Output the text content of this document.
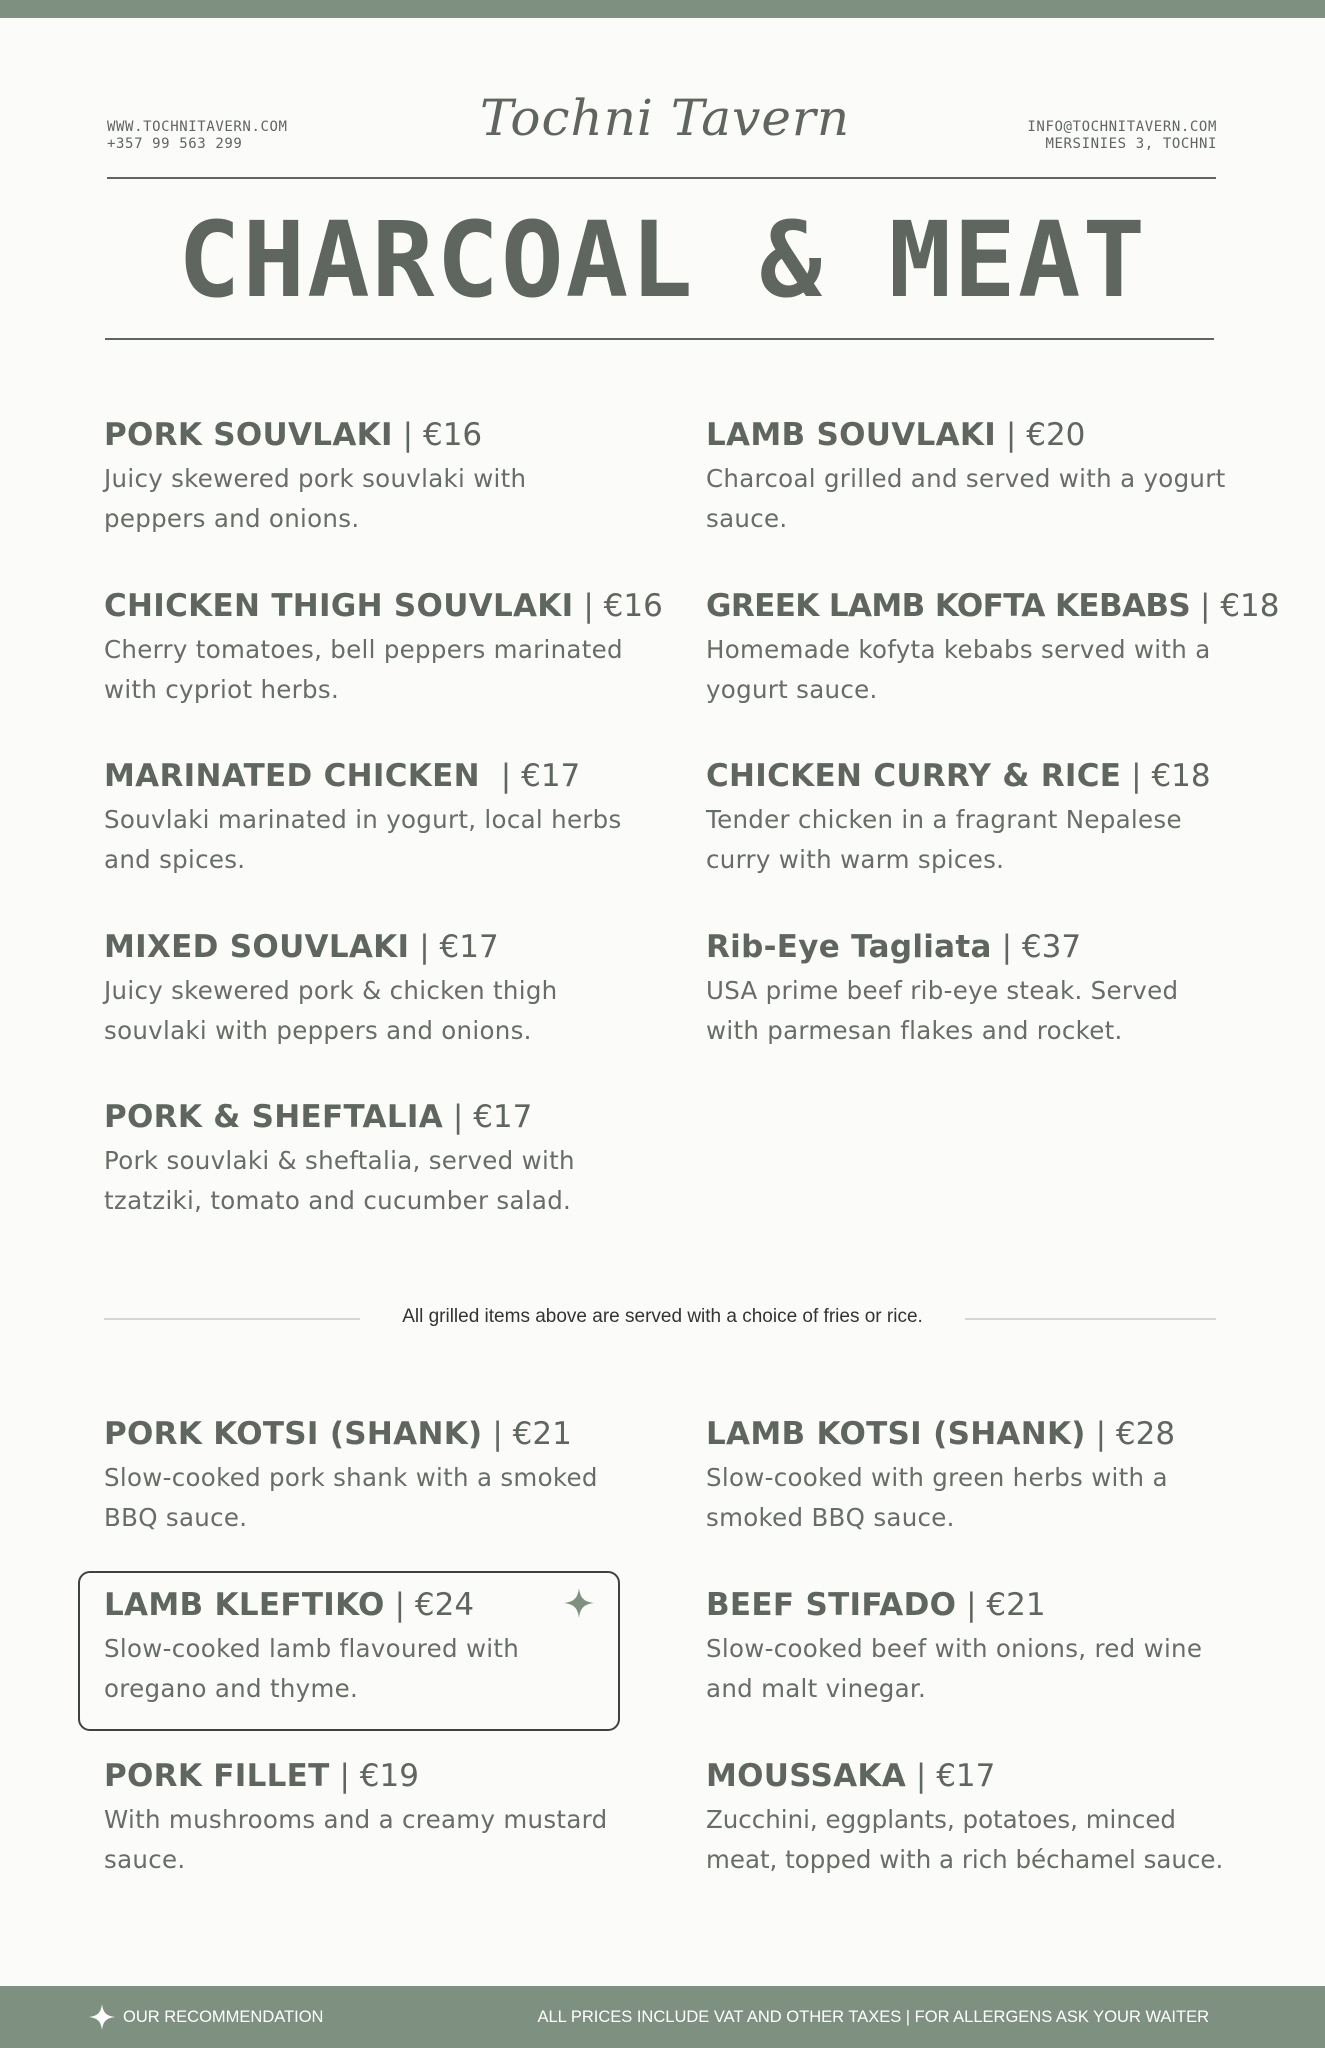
WWW.TOCHNITAVERN.COM
+357 99 563 299	Tochni Tavern	INFO@TOCHNITAVERN.COM
MERSINIES 3, TOCHNI
CHARCOAL & MEAT
PORK SOUVLAKI | €16
Juicy skewered pork souvlaki with
peppers and onions.
CHICKEN THIGH SOUVLAKI | €16
Cherry tomatoes, bell peppers marinated
with cypriot herbs.
MARINATED CHICKEN  | €17
Souvlaki marinated in yogurt, local herbs
and spices.
MIXED SOUVLAKI | €17
Juicy skewered pork & chicken thigh
souvlaki with peppers and onions.
PORK & SHEFTALIA | €17
Pork souvlaki & sheftalia, served with
tzatziki, tomato and cucumber salad.
LAMB SOUVLAKI | €20
Charcoal grilled and served with a yogurt
sauce.
GREEK LAMB KOFTA KEBABS | €18
Homemade kofyta kebabs served with a
yogurt sauce.
CHICKEN CURRY & RICE | €18
Tender chicken in a fragrant Nepalese
curry with warm spices.
Rib-Eye Tagliata | €37
USA prime beef rib-eye steak. Served
with parmesan flakes and rocket.
All grilled items above are served with a choice of fries or rice.
PORK KOTSI (SHANK) | €21
Slow-cooked pork shank with a smoked
BBQ sauce.
LAMB KLEFTIKO | €24
Slow-cooked lamb flavoured with
oregano and thyme.
PORK FILLET | €19
With mushrooms and a creamy mustard
sauce.
LAMB KOTSI (SHANK) | €28
Slow-cooked with green herbs with a
smoked BBQ sauce.
BEEF STIFADO | €21
Slow-cooked beef with onions, red wine
and malt vinegar.
MOUSSAKA | €17
Zucchini, eggplants, potatoes, minced
meat, topped with a rich béchamel sauce.
OUR RECOMMENDATION	ALL PRICES INCLUDE VAT AND OTHER TAXES | FOR ALLERGENS ASK YOUR WAITER
